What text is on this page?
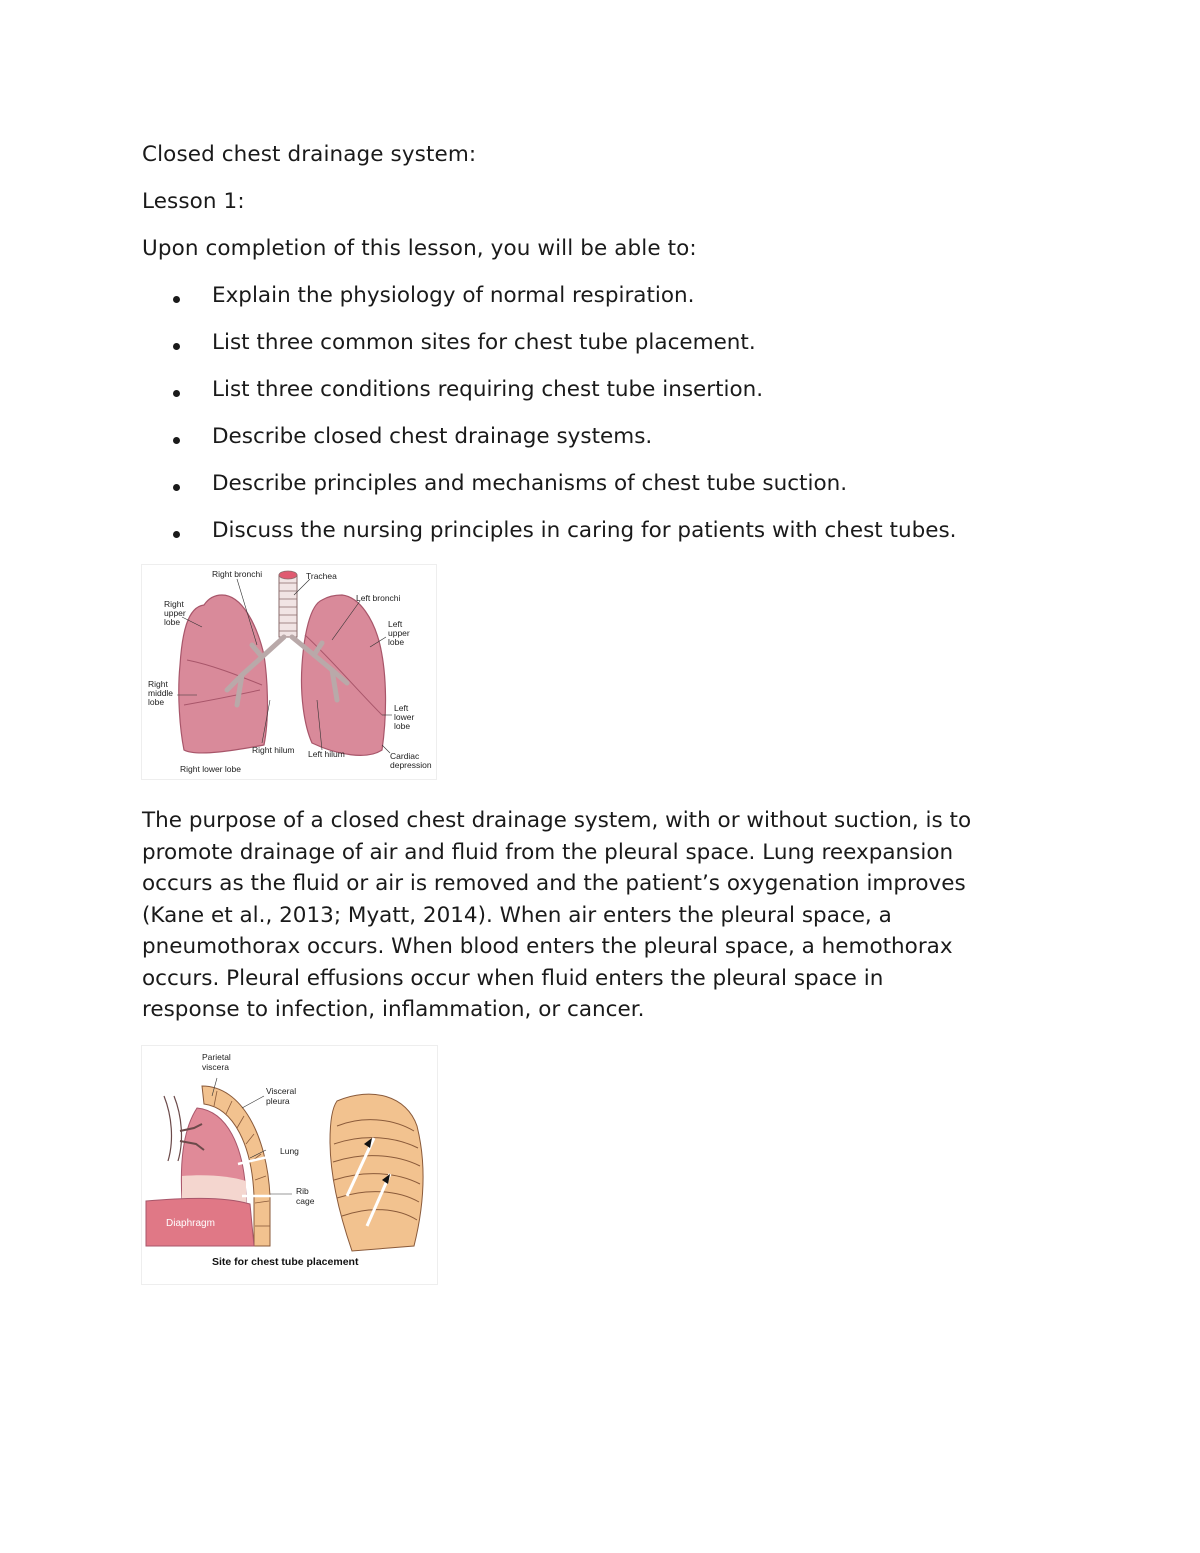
Closed chest drainage system:
Lesson 1:
Upon completion of this lesson, you will be able to:
Explain the physiology of normal respiration.
List three common sites for chest tube placement.
List three conditions requiring chest tube insertion.
Describe closed chest drainage systems.
Describe principles and mechanisms of chest tube suction.
Discuss the nursing principles in caring for patients with chest tubes.

The purpose of a closed chest drainage system, with or without suction, is to
promote drainage of air and fluid from the pleural space. Lung reexpansion
occurs as the fluid or air is removed and the patient’s oxygenation improves
(Kane et al., 2013; Myatt, 2014). When air enters the pleural space, a
pneumothorax occurs. When blood enters the pleural space, a hemothorax
occurs. Pleural effusions occur when fluid enters the pleural space in
response to infection, inflammation, or cancer.

Right bronchi	Trachea
Left bronchi
Right upper lobe	Left upper lobe
Right middle lobe
Left lower lobe
Right hilum Left hilum	Cardiac depression
Right lower lobe
Parietal viscera
Visceral pleura
Lung
Rib cage
Diaphragm
Site for chest tube placement
